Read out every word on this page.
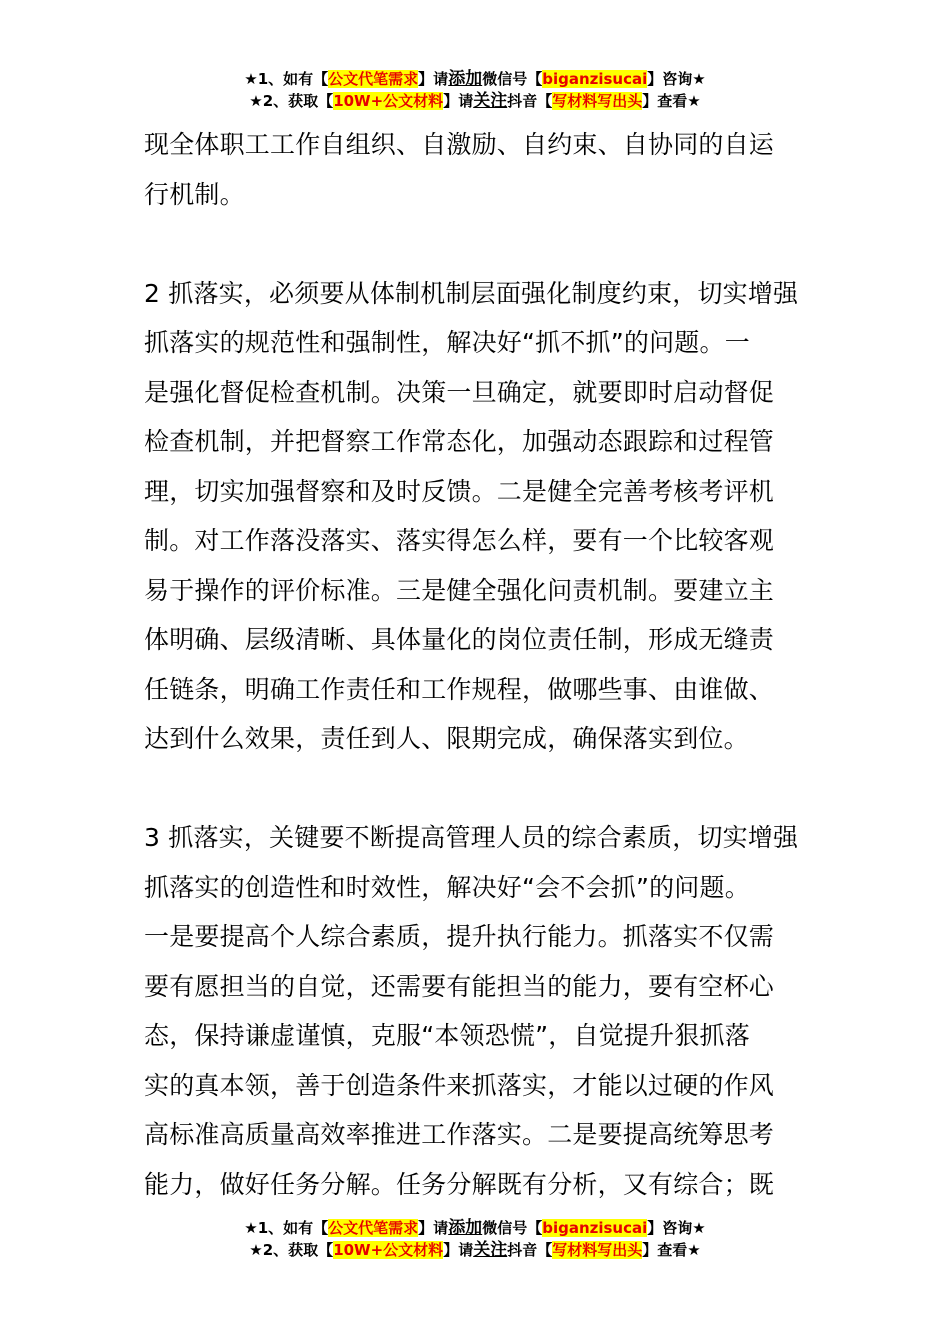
★1、如有【公文代笔需求】请添加微信号【biganzisucai】咨询★
★2、获取【10W+公文材料】请关注抖音【写材料写出头】查看★
现全体职工工作自组织、自激励、自约束、自协同的自运
行机制。
2 抓落实，必须要从体制机制层面强化制度约束，切实增强
抓落实的规范性和强制性，解决好“抓不抓”的问题。一
是强化督促检查机制。决策一旦确定，就要即时启动督促
检查机制，并把督察工作常态化，加强动态跟踪和过程管
理，切实加强督察和及时反馈。二是健全完善考核考评机
制。对工作落没落实、落实得怎么样，要有一个比较客观
易于操作的评价标准。三是健全强化问责机制。要建立主
体明确、层级清晰、具体量化的岗位责任制，形成无缝责
任链条，明确工作责任和工作规程，做哪些事、由谁做、
达到什么效果，责任到人、限期完成，确保落实到位。
3 抓落实，关键要不断提高管理人员的综合素质，切实增强
抓落实的创造性和时效性，解决好“会不会抓”的问题。
一是要提高个人综合素质，提升执行能力。抓落实不仅需
要有愿担当的自觉，还需要有能担当的能力，要有空杯心
态，保持谦虚谨慎，克服“本领恐慌”，自觉提升狠抓落
实的真本领，善于创造条件来抓落实，才能以过硬的作风
高标准高质量高效率推进工作落实。二是要提高统筹思考
能力，做好任务分解。任务分解既有分析，又有综合；既
★1、如有【公文代笔需求】请添加微信号【biganzisucai】咨询★
★2、获取【10W+公文材料】请关注抖音【写材料写出头】查看★
